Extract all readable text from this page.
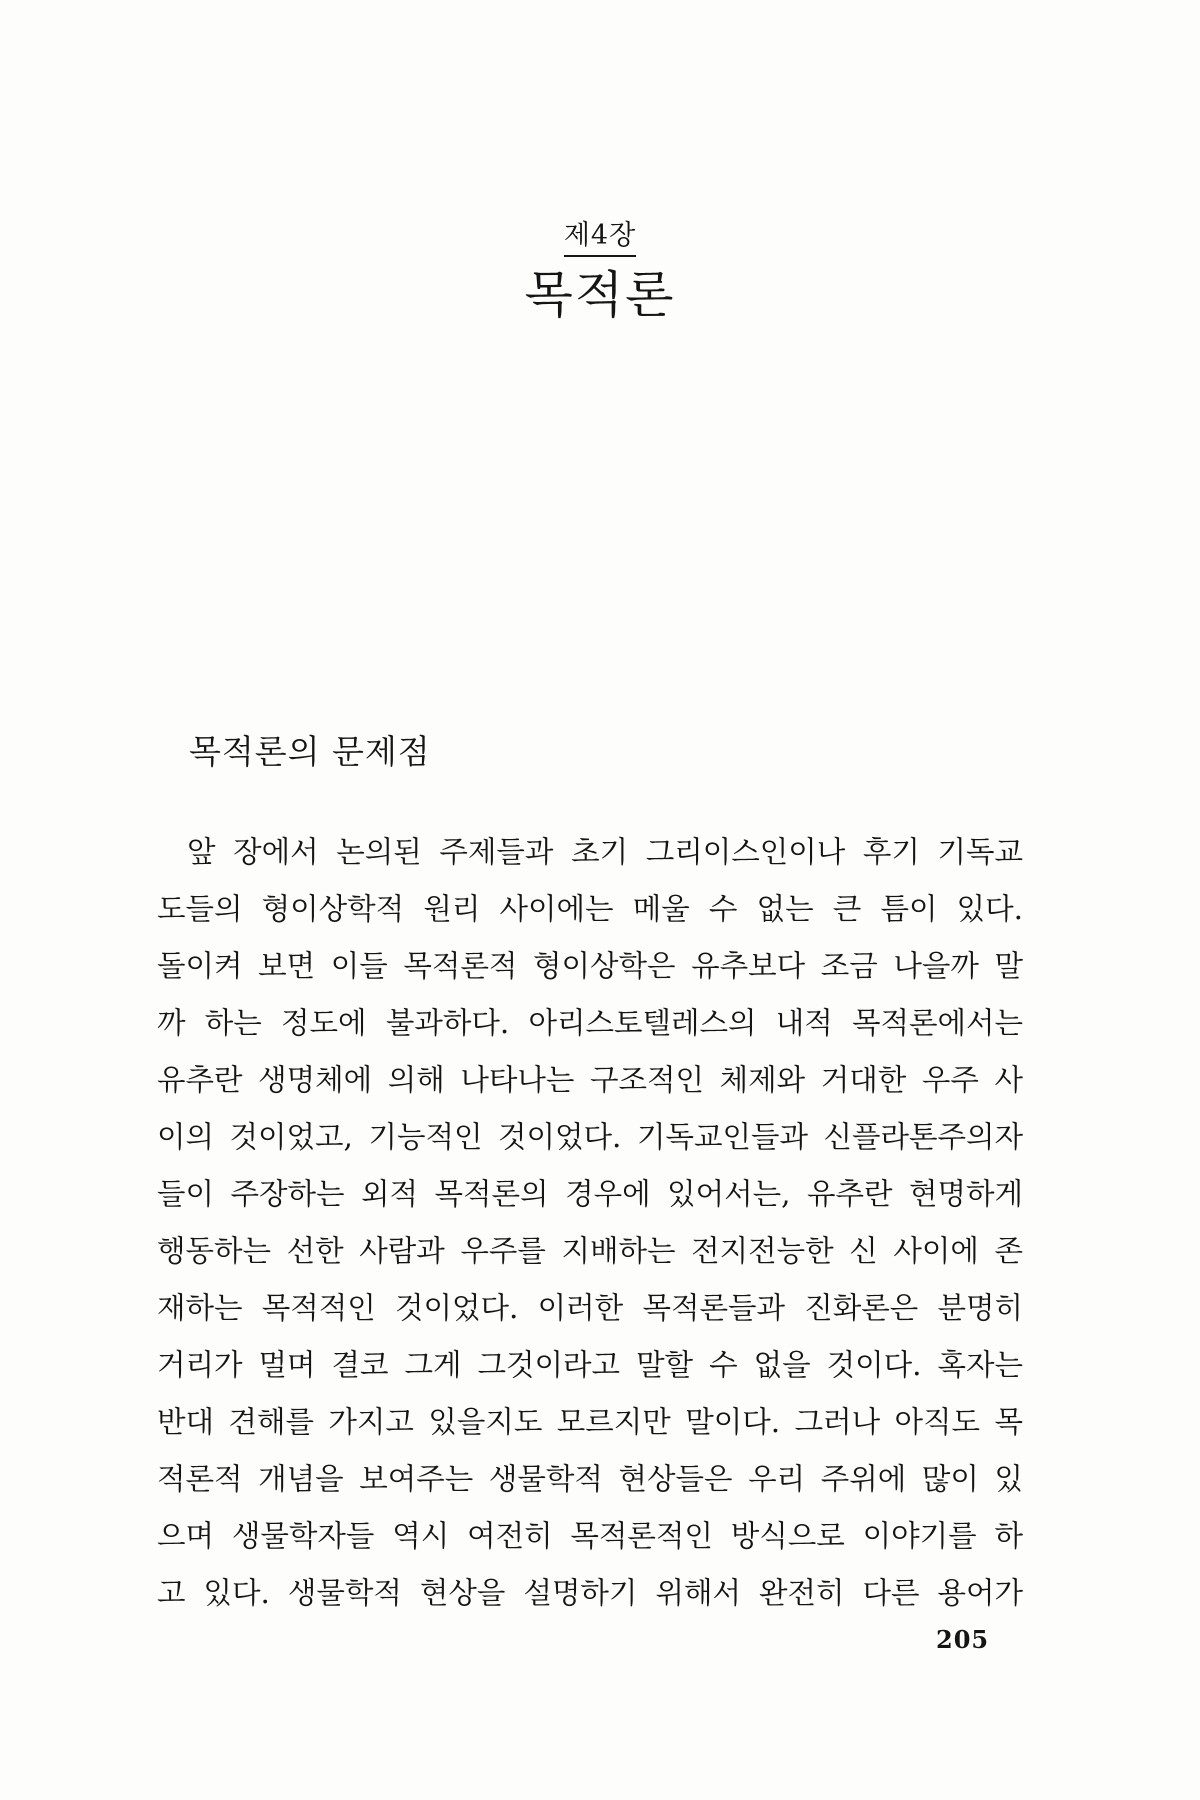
제4장
목적론
목적론의 문제점
앞 장에서 논의된 주제들과 초기 그리이스인이나 후기 기독교
도들의 형이상학적 원리 사이에는 메울 수 없는 큰 틈이 있다.
돌이켜 보면 이들 목적론적 형이상학은 유추보다 조금 나을까 말
까 하는 정도에 불과하다. 아리스토텔레스의 내적 목적론에서는
유추란 생명체에 의해 나타나는 구조적인 체제와 거대한 우주 사
이의 것이었고, 기능적인 것이었다. 기독교인들과 신플라톤주의자
들이 주장하는 외적 목적론의 경우에 있어서는, 유추란 현명하게
행동하는 선한 사람과 우주를 지배하는 전지전능한 신 사이에 존
재하는 목적적인 것이었다. 이러한 목적론들과 진화론은 분명히
거리가 멀며 결코 그게 그것이라고 말할 수 없을 것이다. 혹자는
반대 견해를 가지고 있을지도 모르지만 말이다. 그러나 아직도 목
적론적 개념을 보여주는 생물학적 현상들은 우리 주위에 많이 있
으며 생물학자들 역시 여전히 목적론적인 방식으로 이야기를 하
고 있다. 생물학적 현상을 설명하기 위해서 완전히 다른 용어가
205
